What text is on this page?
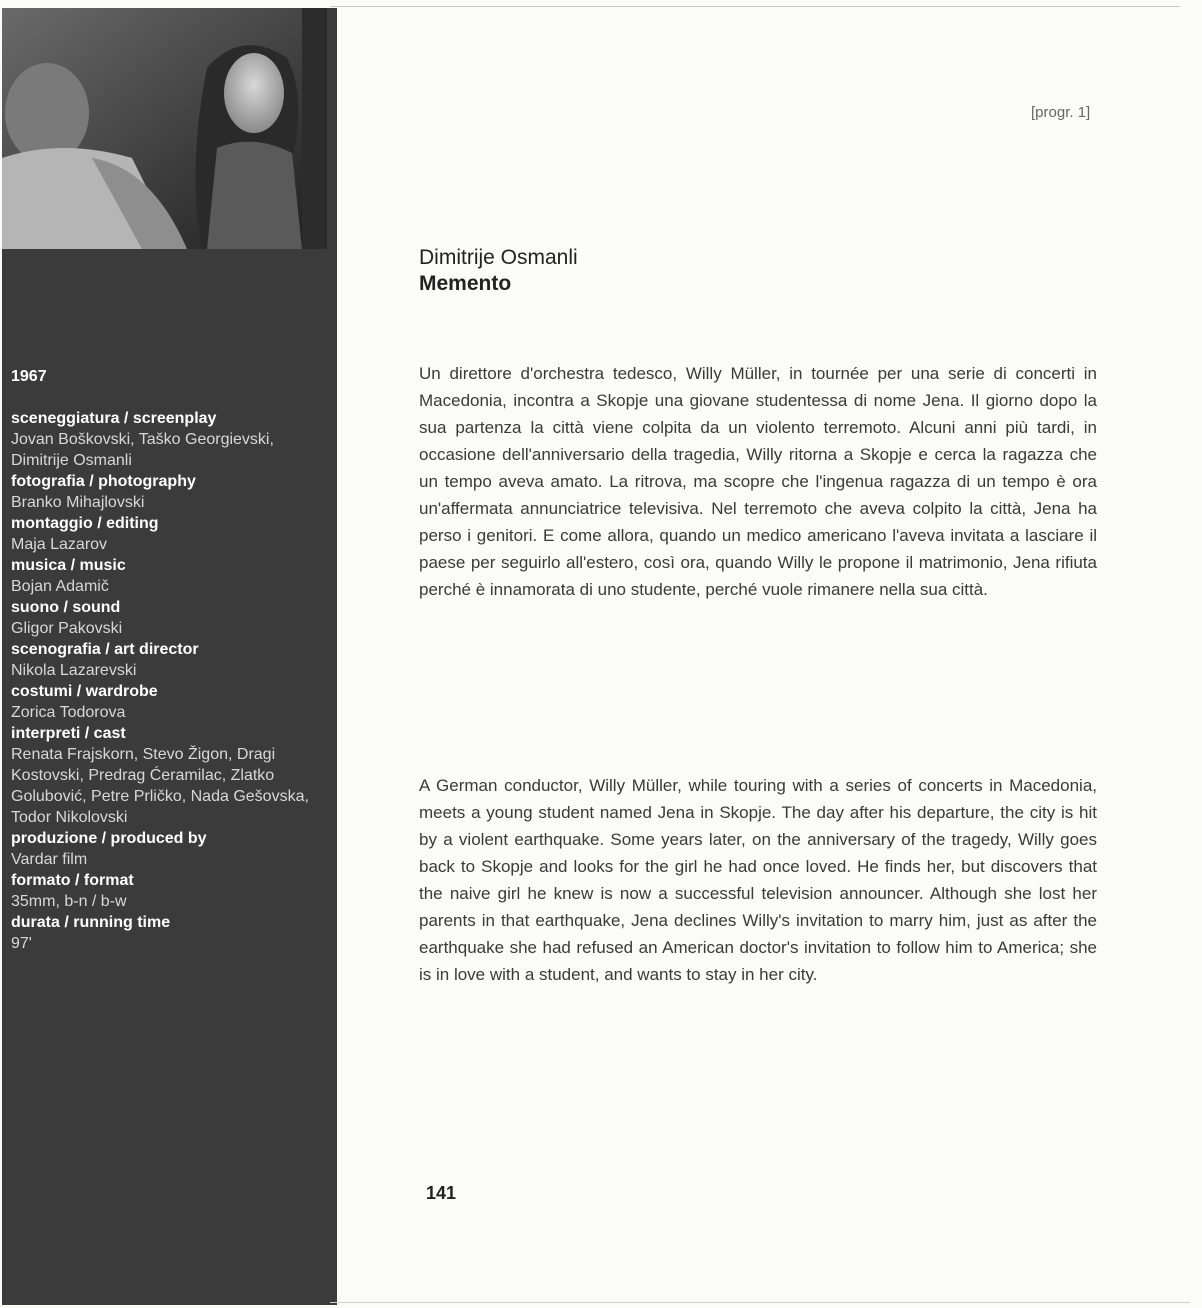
1967
sceneggiatura / screenplay
Jovan Boškovski, Taško Georgievski, Dimitrije Osmanli
fotografia / photography
Branko Mihajlovski
montaggio / editing
Maja Lazarov
musica / music
Bojan Adamič
suono / sound
Gligor Pakovski
scenografia / art director
Nikola Lazarevski
costumi / wardrobe
Zorica Todorova
interpreti / cast
Renata Frajskorn, Stevo Žigon, Dragi Kostovski, Predrag Ćeramilac, Zlatko Golubović, Petre Prličko, Nada Gešovska, Todor Nikolovski
produzione / produced by
Vardar film
formato / format
35mm, b-n / b-w
durata / running time
97'
[progr. 1]
Dimitrije Osmanli
Memento

Un direttore d'orchestra tedesco, Willy Müller, in tournée per una serie di concerti in Macedonia, incontra a Skopje una giovane studentessa di nome Jena. Il giorno dopo la sua partenza la città viene colpita da un violento terremoto. Alcuni anni più tardi, in occasione dell'anniversario della tragedia, Willy ritorna a Skopje e cerca la ragazza che un tempo aveva amato. La ritrova, ma scopre che l'ingenua ragazza di un tempo è ora un'affermata annunciatrice televisiva. Nel terremoto che aveva colpito la città, Jena ha perso i genitori. E come allora, quando un medico americano l'aveva invitata a lasciare il paese per seguirlo all'estero, così ora, quando Willy le propone il matrimonio, Jena rifiuta perché è innamorata di uno studente, perché vuole rimanere nella sua città.

A German conductor, Willy Müller, while touring with a series of concerts in Macedonia, meets a young student named Jena in Skopje. The day after his departure, the city is hit by a violent earthquake. Some years later, on the anniversary of the tragedy, Willy goes back to Skopje and looks for the girl he had once loved. He finds her, but discovers that the naive girl he knew is now a successful television announcer. Although she lost her parents in that earthquake, Jena declines Willy's invitation to marry him, just as after the earthquake she had refused an American doctor's invitation to follow him to America; she is in love with a student, and wants to stay in her city.

141
